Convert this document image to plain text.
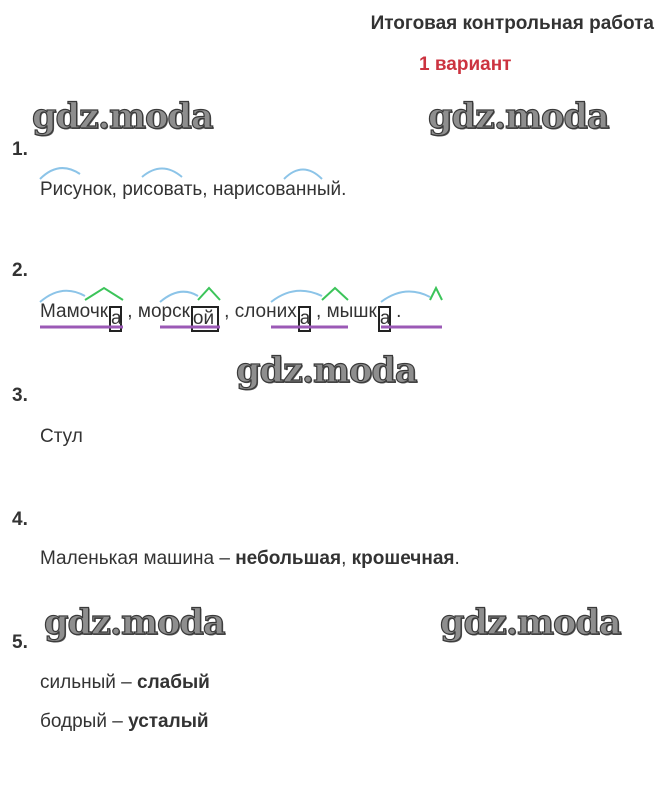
Итоговая контрольная работа
1 вариант
gdz.moda	gdz.moda
gdz.moda
gdz.moda	gdz.moda
1.
Рисунок, рисовать, нарисованный.
2.
Мамочк а , морск ой , слоних а , мышк а .
3.
Стул
4.
Маленькая машина – небольшая, крошечная.
5.
сильный – слабый
бодрый – усталый
